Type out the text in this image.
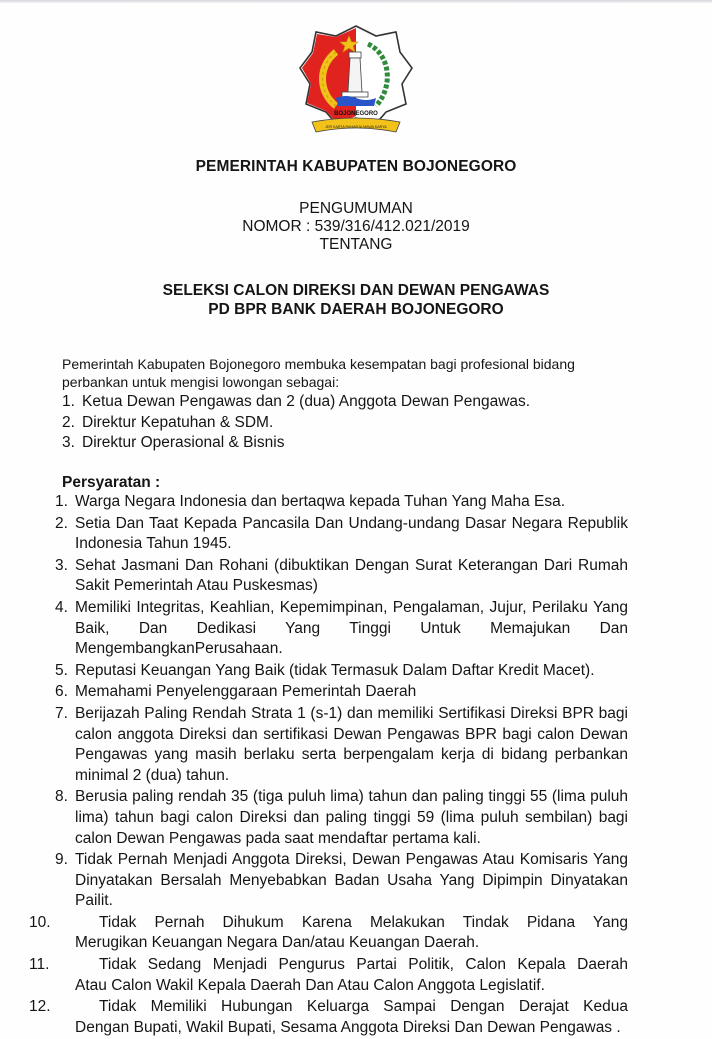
BOJONEGORO
JER KARTA RAHARJA MAWA KARYA
PEMERINTAH KABUPATEN BOJONEGORO
PENGUMUMAN
NOMOR : 539/316/412.021/2019
TENTANG
SELEKSI CALON DIREKSI DAN DEWAN PENGAWAS
PD BPR BANK DAERAH BOJONEGORO
Pemerintah Kabupaten Bojonegoro membuka kesempatan bagi profesional bidang perbankan untuk mengisi lowongan sebagai:
1. Ketua Dewan Pengawas dan 2 (dua) Anggota Dewan Pengawas.
2. Direktur Kepatuhan & SDM.
3. Direktur Operasional & Bisnis
Persyaratan :
1. Warga Negara Indonesia dan bertaqwa kepada Tuhan Yang Maha Esa.
2. Setia Dan Taat Kepada Pancasila Dan Undang-undang Dasar Negara Republik Indonesia Tahun 1945.
3. Sehat Jasmani Dan Rohani (dibuktikan Dengan Surat Keterangan Dari Rumah Sakit Pemerintah Atau Puskesmas)
4. Memiliki Integritas, Keahlian, Kepemimpinan, Pengalaman, Jujur, Perilaku Yang Baik, Dan Dedikasi Yang Tinggi Untuk Memajukan Dan MengembangkanPerusahaan.
5. Reputasi Keuangan Yang Baik (tidak Termasuk Dalam Daftar Kredit Macet).
6. Memahami Penyelenggaraan Pemerintah Daerah
7. Berijazah Paling Rendah Strata 1 (s-1) dan memiliki Sertifikasi Direksi BPR bagi calon anggota Direksi dan sertifikasi Dewan Pengawas BPR bagi calon Dewan Pengawas yang masih berlaku serta berpengalam kerja di bidang perbankan minimal 2 (dua) tahun.
8. Berusia paling rendah 35 (tiga puluh lima) tahun dan paling tinggi 55 (lima puluh lima) tahun bagi calon Direksi dan paling tinggi 59 (lima puluh sembilan) bagi calon Dewan Pengawas pada saat mendaftar pertama kali.
9. Tidak Pernah Menjadi Anggota Direksi, Dewan Pengawas Atau Komisaris Yang Dinyatakan Bersalah Menyebabkan Badan Usaha Yang Dipimpin Dinyatakan Pailit.
10.	Tidak Pernah Dihukum Karena Melakukan Tindak Pidana Yang
Merugikan Keuangan Negara Dan/atau Keuangan Daerah.
11.	Tidak Sedang Menjadi Pengurus Partai Politik, Calon Kepala Daerah
Atau Calon Wakil Kepala Daerah Dan Atau Calon Anggota Legislatif.
12.	Tidak Memiliki Hubungan Keluarga Sampai Dengan Derajat Kedua
Dengan Bupati, Wakil Bupati, Sesama Anggota Direksi Dan Dewan Pengawas .
